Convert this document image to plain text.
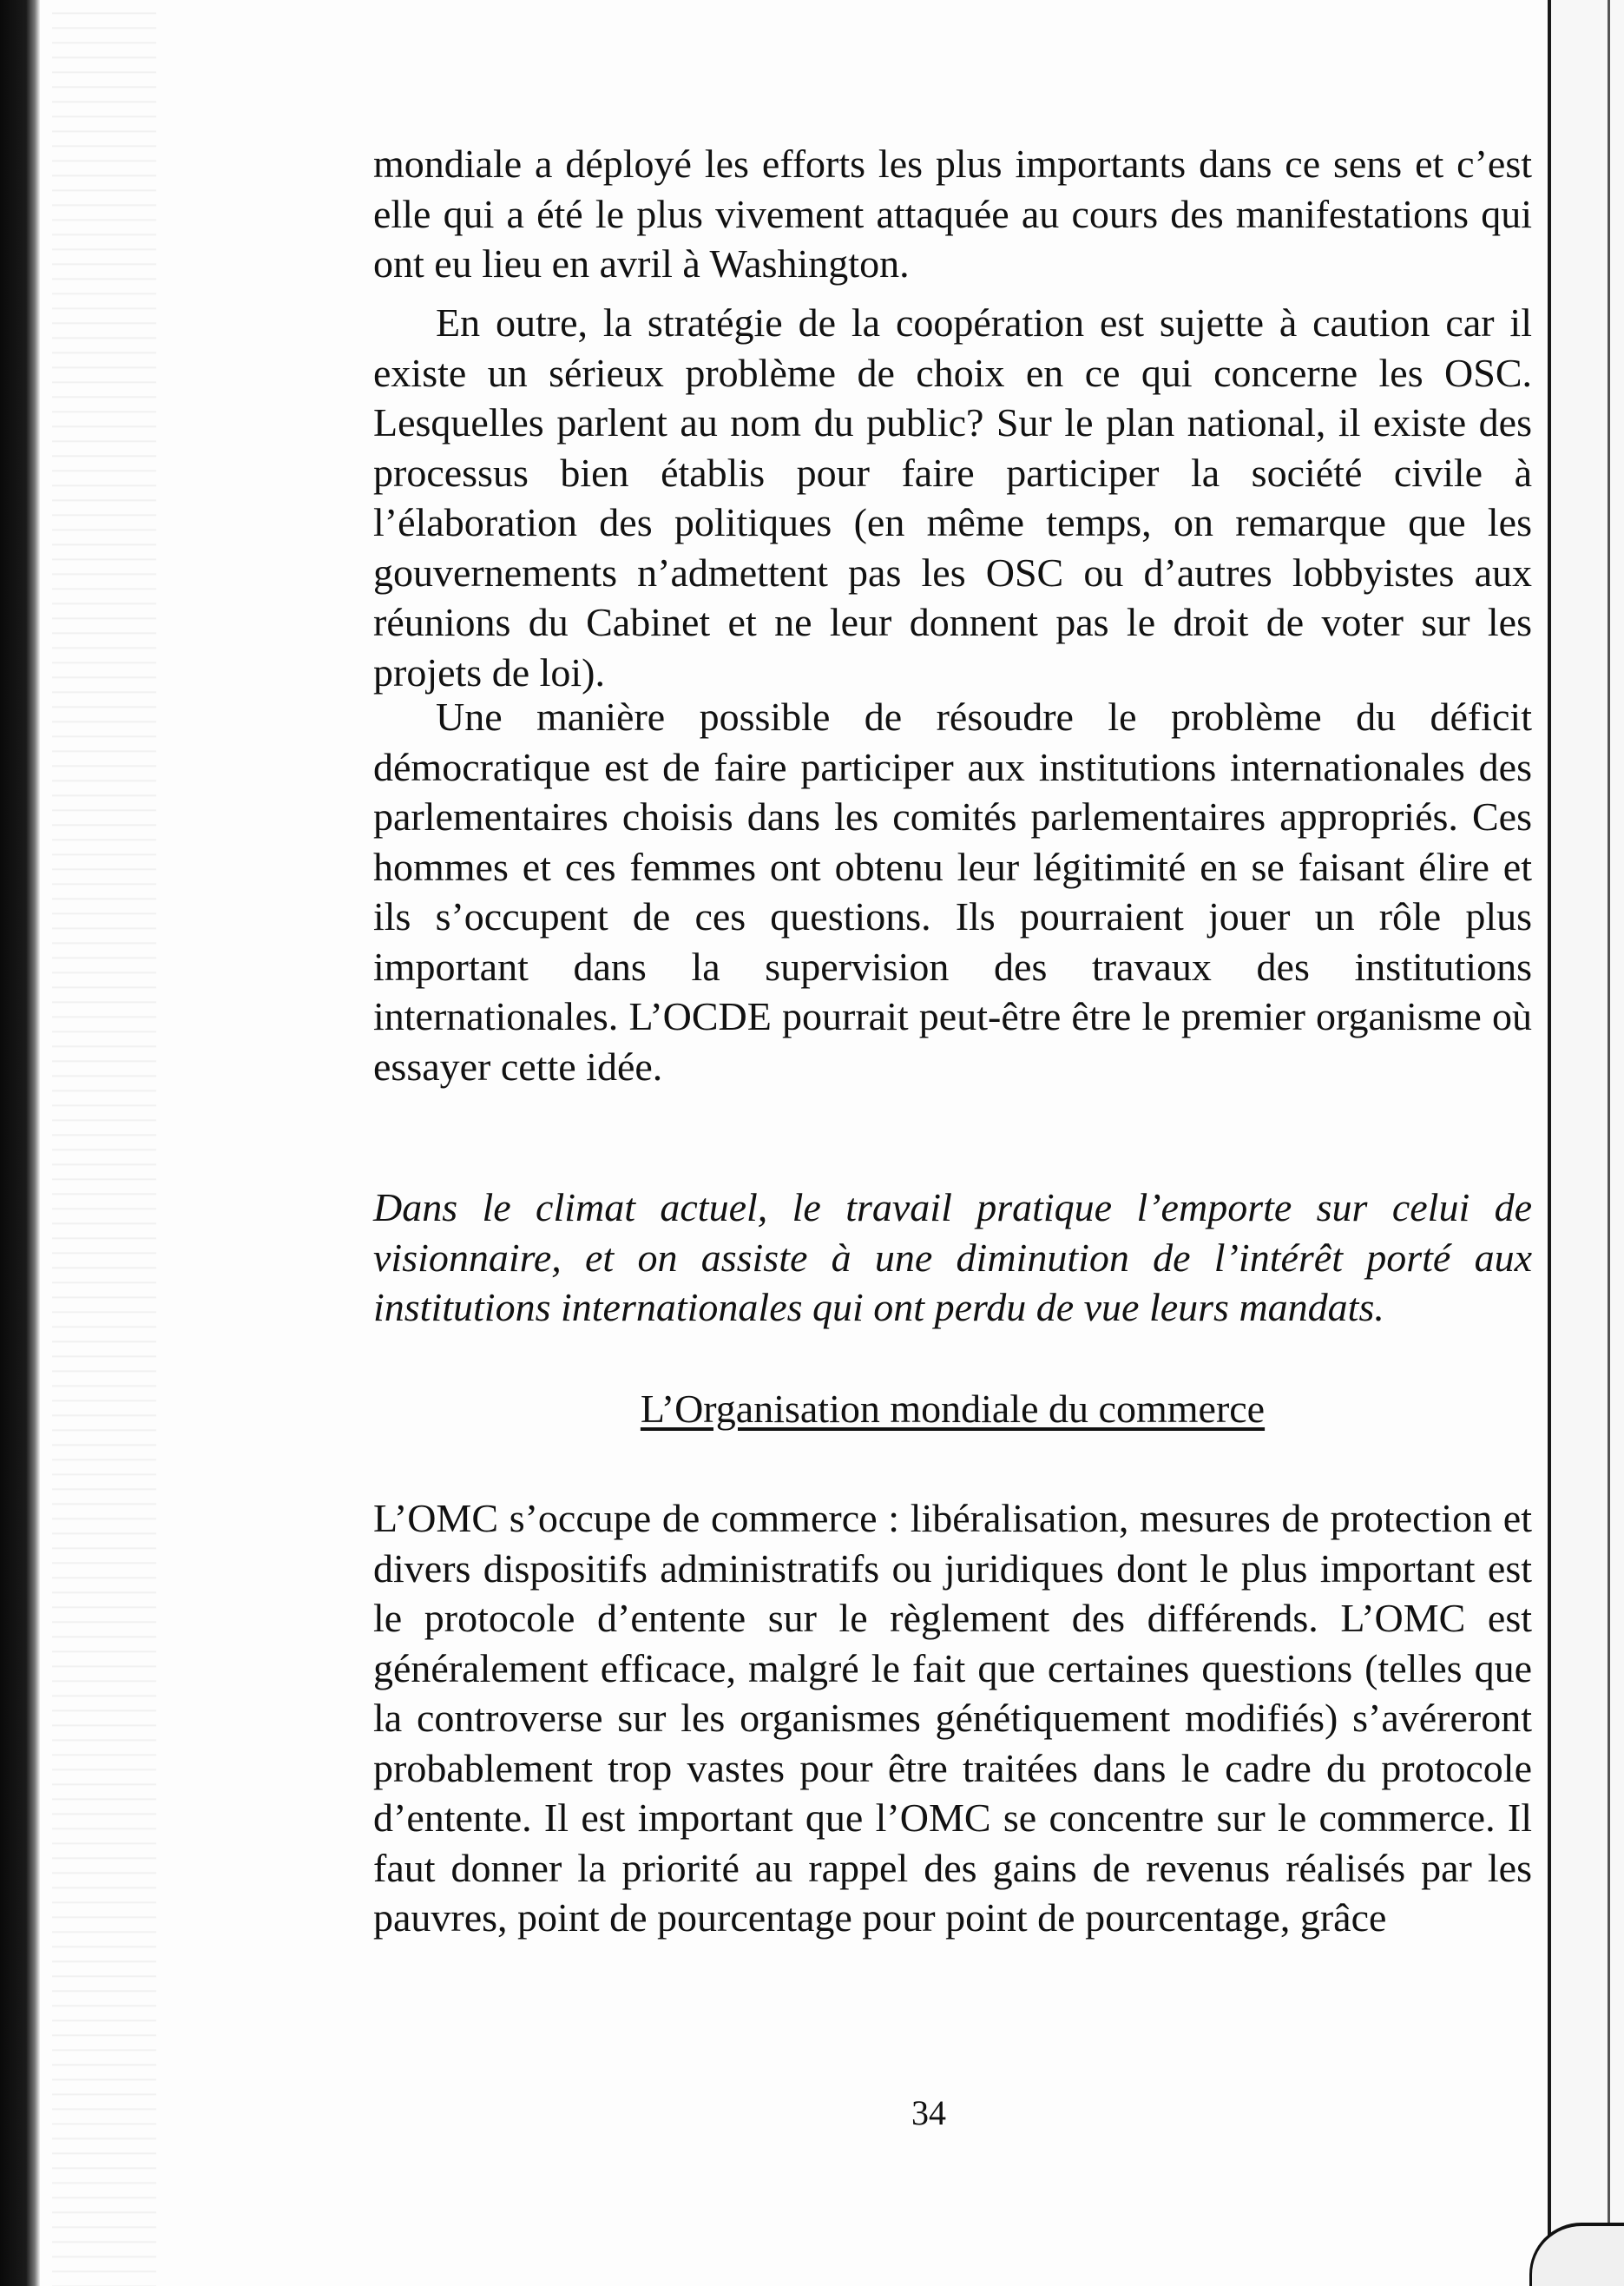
mondiale a déployé les efforts les plus importants dans ce sens et c’est elle qui a été le plus vivement attaquée au cours des manifestations qui ont eu lieu en avril à Washington.

En outre, la stratégie de la coopération est sujette à caution car il existe un sérieux problème de choix en ce qui concerne les OSC. Lesquelles parlent au nom du public? Sur le plan national, il existe des processus bien établis pour faire participer la société civile à l’élaboration des politiques (en même temps, on remarque que les gouvernements n’admettent pas les OSC ou d’autres lobbyistes aux réunions du Cabinet et ne leur donnent pas le droit de voter sur les projets de loi).

Une manière possible de résoudre le problème du déficit démocratique est de faire participer aux institutions internationales des parlementaires choisis dans les comités parlementaires appropriés. Ces hommes et ces femmes ont obtenu leur légitimité en se faisant élire et ils s’occupent de ces questions. Ils pourraient jouer un rôle plus important dans la supervision des travaux des institutions internationales. L’OCDE pourrait peut-être être le premier organisme où essayer cette idée.

Dans le climat actuel, le travail pratique l’emporte sur celui de visionnaire, et on assiste à une diminution de l’intérêt porté aux institutions internationales qui ont perdu de vue leurs mandats.

L’Organisation mondiale du commerce

L’OMC s’occupe de commerce : libéralisation, mesures de protection et divers dispositifs administratifs ou juridiques dont le plus important est le protocole d’entente sur le règlement des différends. L’OMC est généralement efficace, malgré le fait que certaines questions (telles que la controverse sur les organismes génétiquement modifiés) s’avéreront probablement trop vastes pour être traitées dans le cadre du protocole d’entente. Il est important que l’OMC se concentre sur le commerce. Il faut donner la priorité au rappel des gains de revenus réalisés par les pauvres, point de pourcentage pour point de pourcentage, grâce

34
